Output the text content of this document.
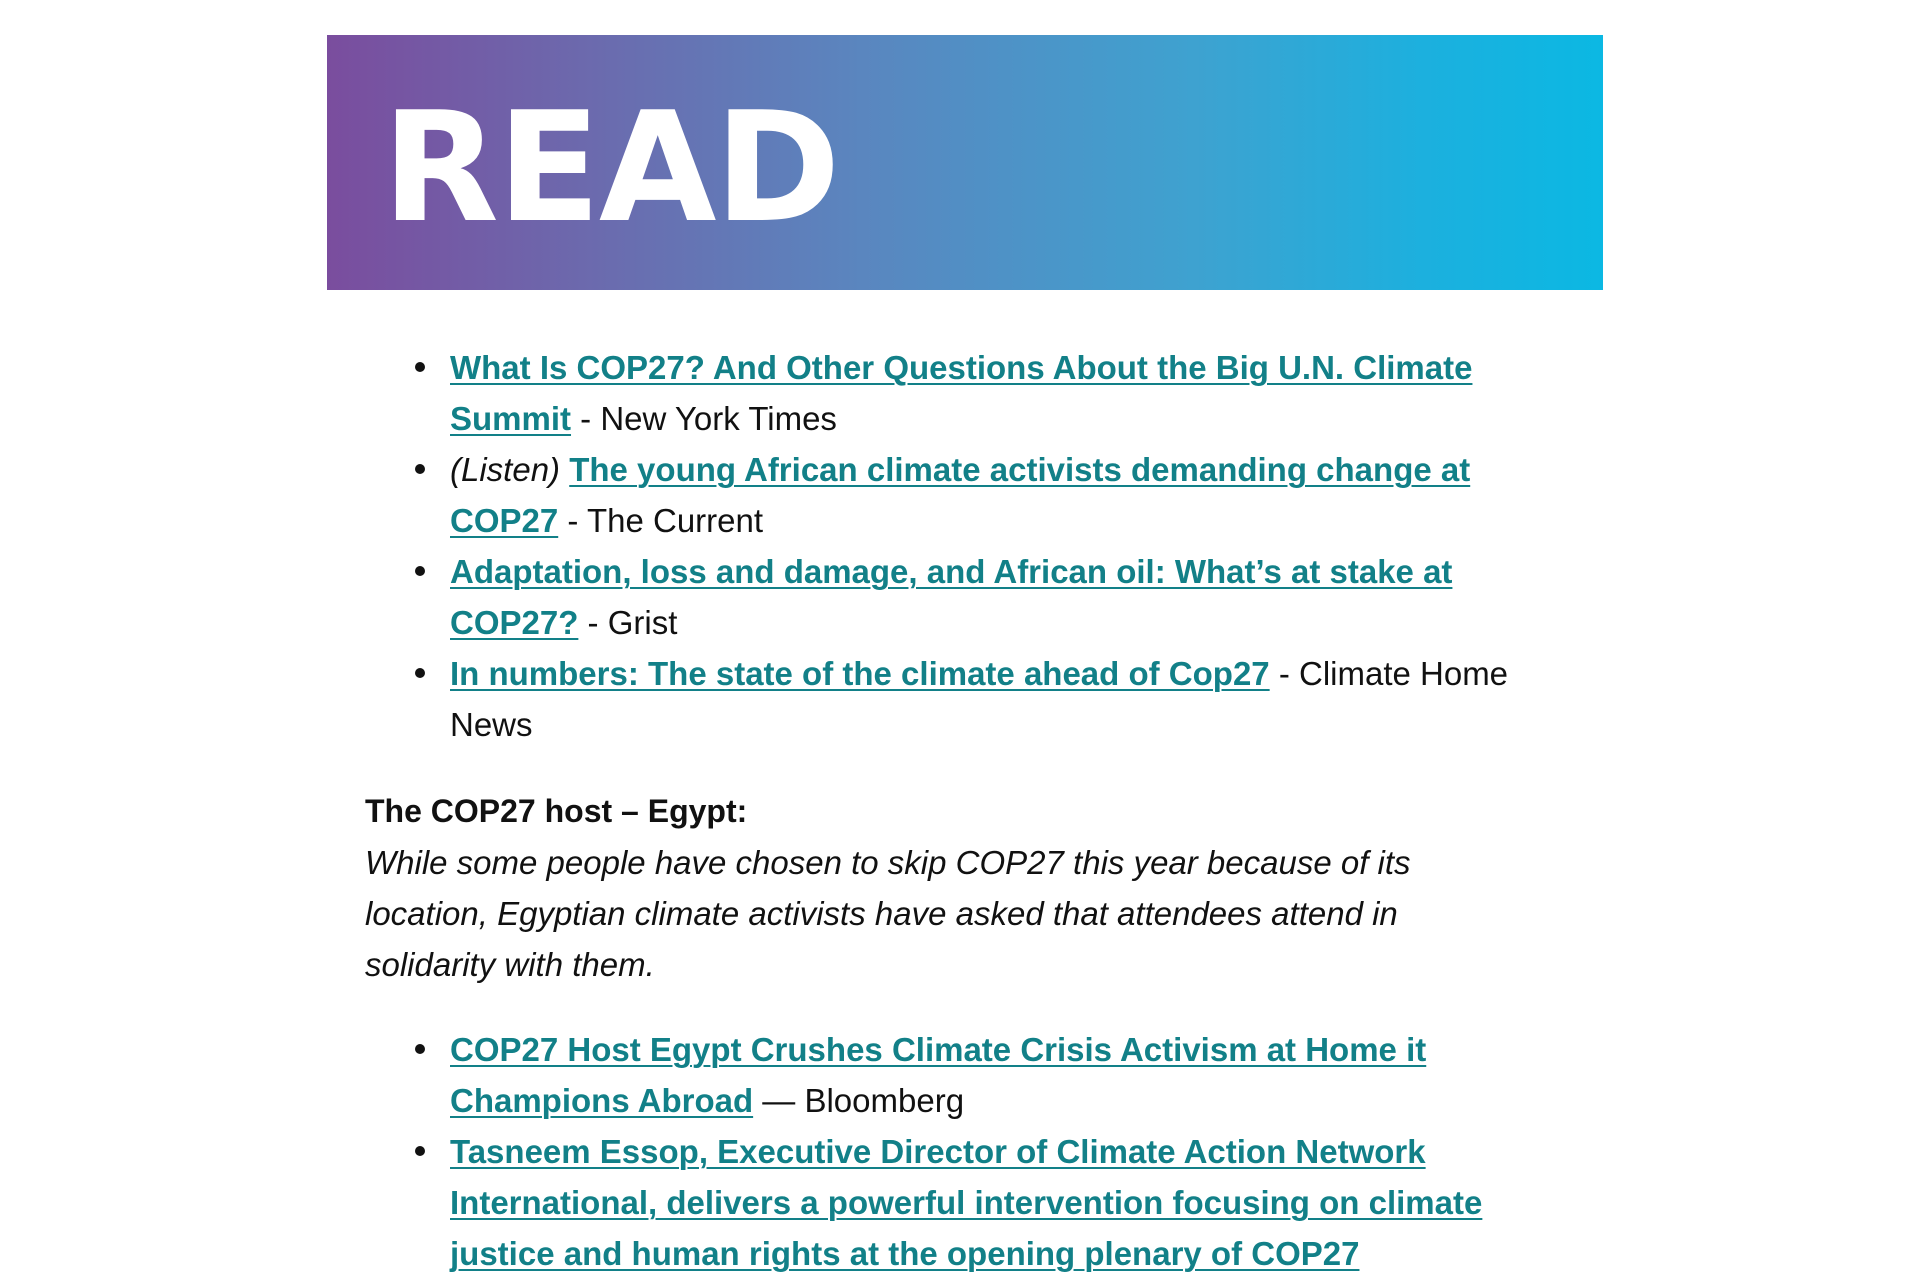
READ
What Is COP27? And Other Questions About the Big U.N. Climate Summit - New York Times
(Listen) The young African climate activists demanding change at COP27 - The Current
Adaptation, loss and damage, and African oil: What’s at stake at COP27? - Grist
In numbers: The state of the climate ahead of Cop27 - Climate Home News
The COP27 host – Egypt:

While some people have chosen to skip COP27 this year because of its location, Egyptian climate activists have asked that attendees attend in solidarity with them.

COP27 Host Egypt Crushes Climate Crisis Activism at Home it Champions Abroad — Bloomberg
Tasneem Essop, Executive Director of Climate Action Network International, delivers a powerful intervention focusing on climate justice and human rights at the opening plenary of COP27
